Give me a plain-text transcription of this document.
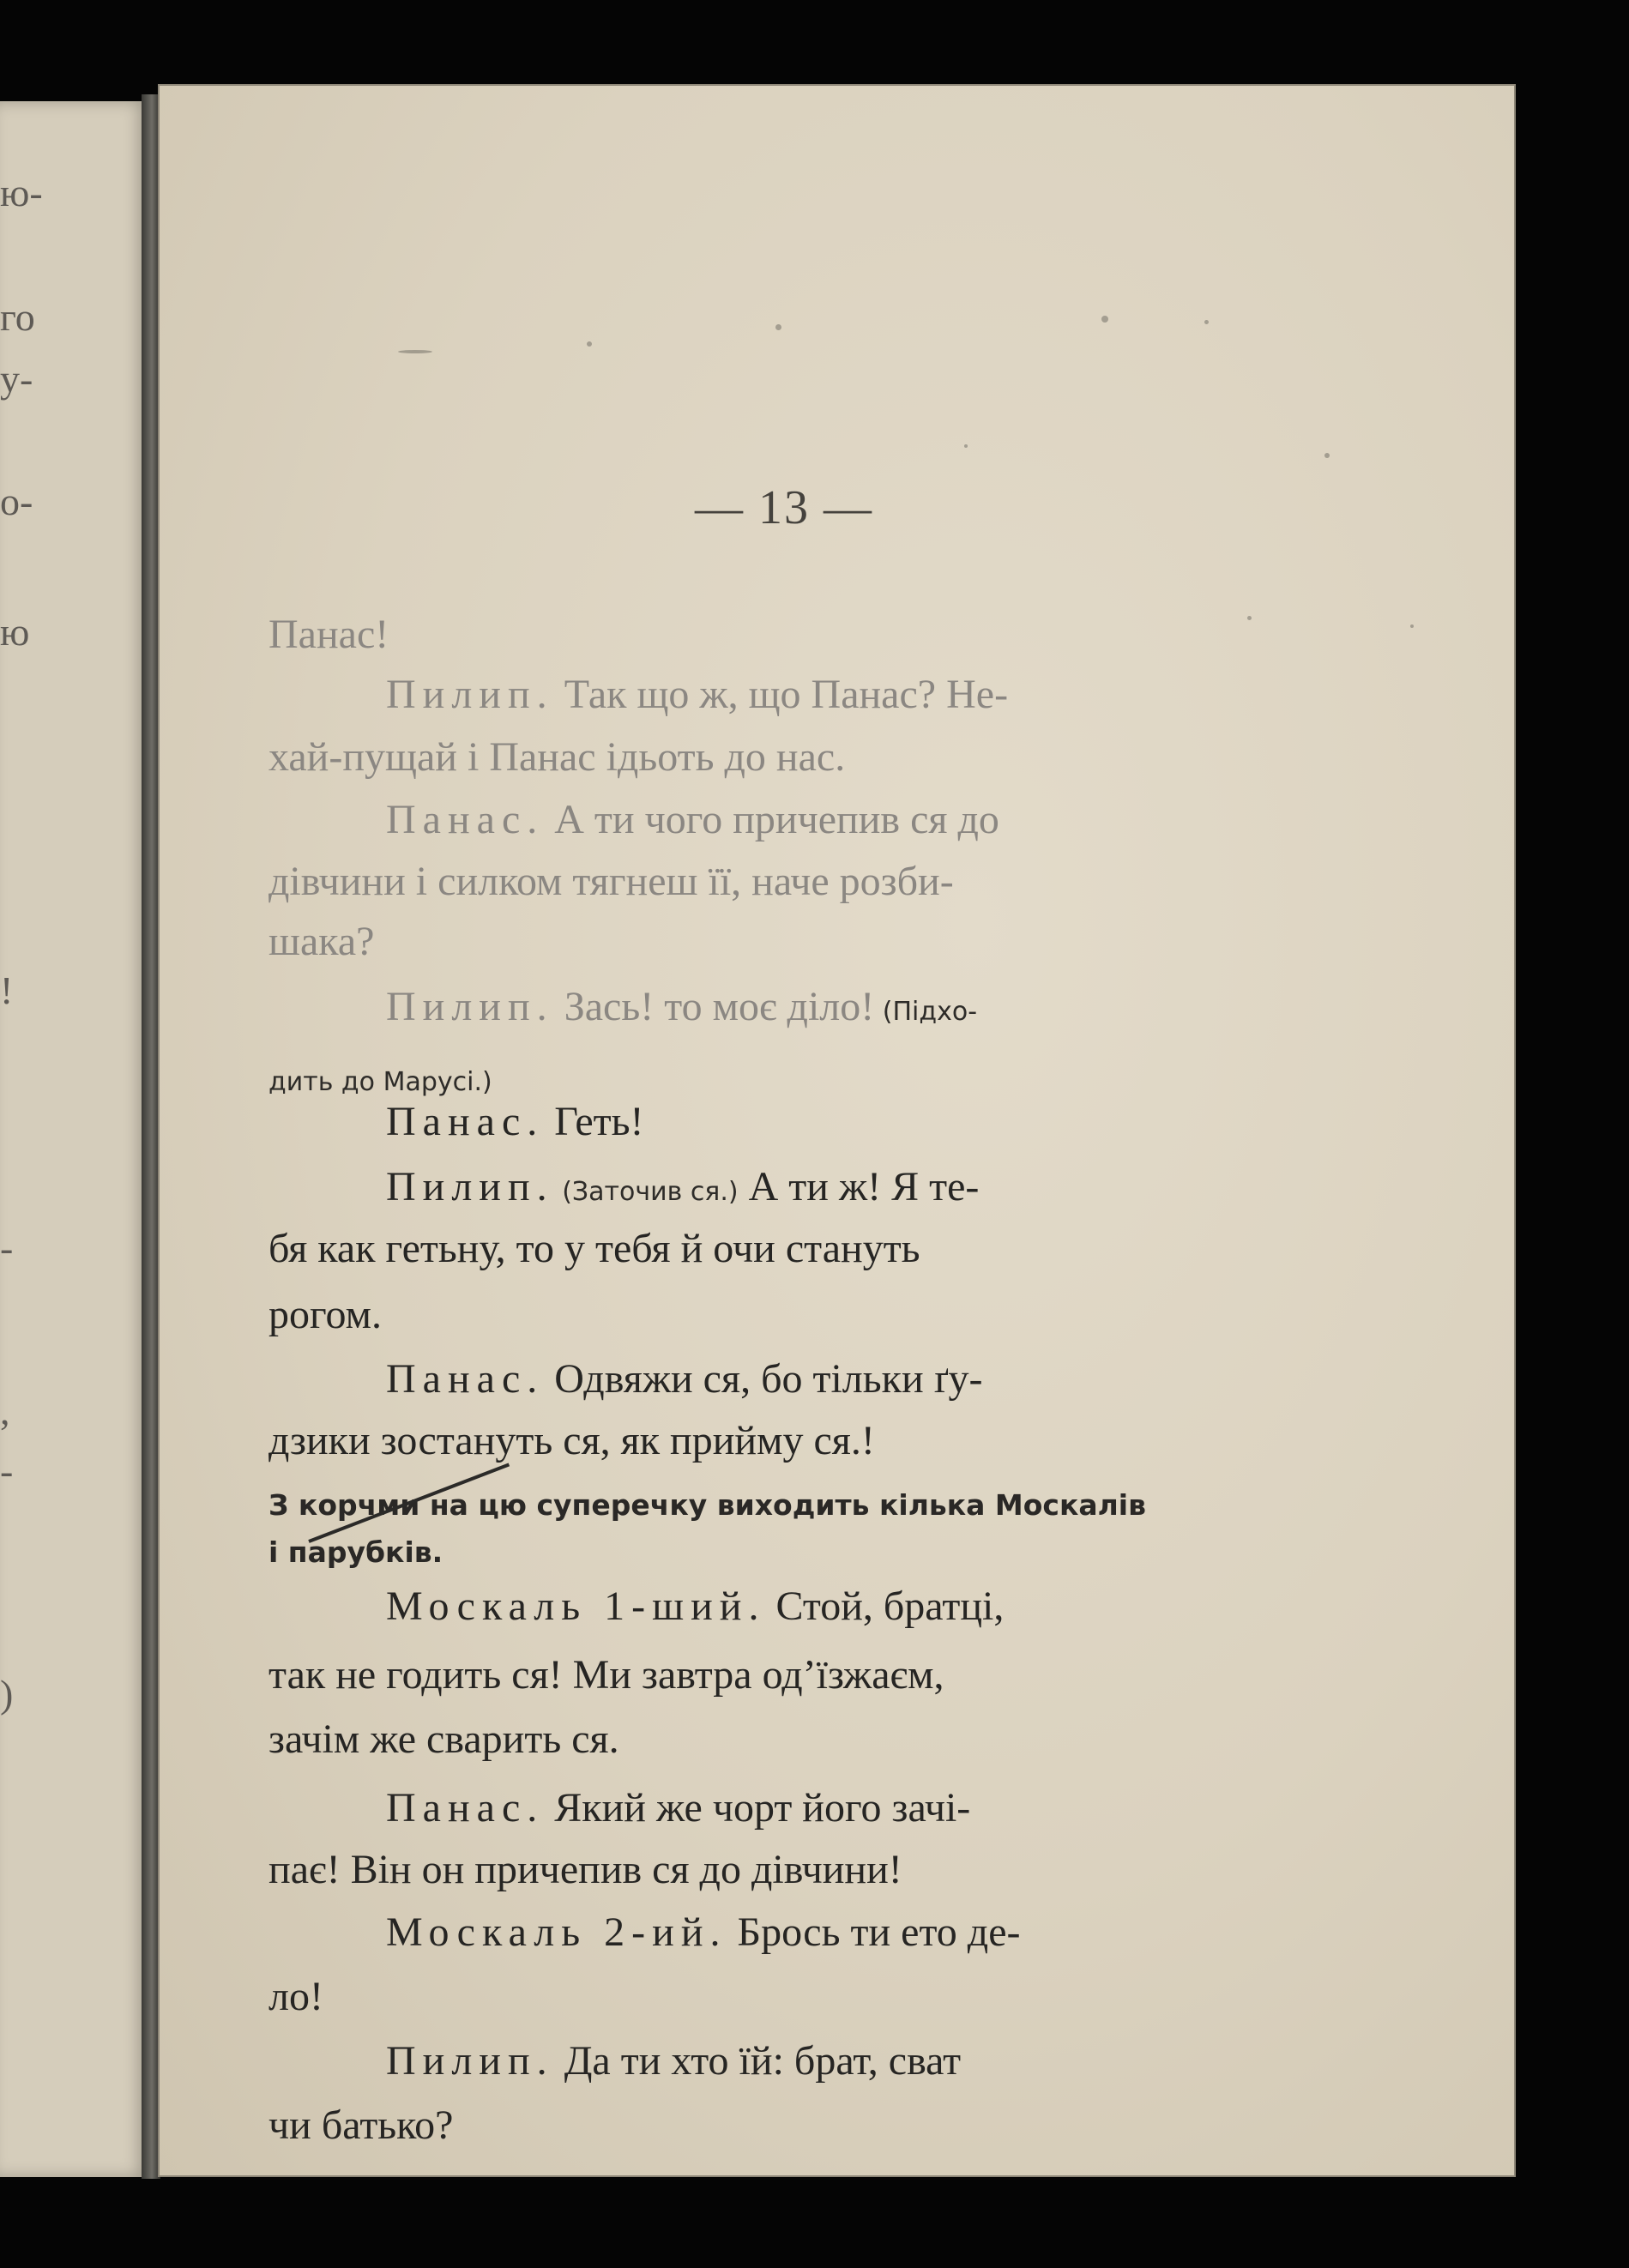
ю-
го
у-
о-
ю
!
-
,
-
)
— 13 —
Панас!
Пилип. Так що ж, що Панас? Не-
хай-пущай і Панас ідьоть до нас.
Панас. А ти чого причепив ся до
дівчини і силком тягнеш її, наче розби-
шака?
Пилип. Зась! то моє діло! (Підхо-
дить до Марусі.)
Панас. Геть!
Пилип. (Заточив ся.) А ти ж! Я те-
бя как гетьну, то у тебя й очи стануть
рогом.
Панас. Одвяжи ся, бо тільки ґу-
дзики зостануть ся, як прийму ся.!
З корчми на цю суперечку виходить кілька Москалів
і парубків.
Москаль 1-ший. Стой, братці,
так не годить ся! Ми завтра одʼїзжаєм,
зачім же сварить ся.
Панас. Який же чорт його зачі-
пає! Він он причепив ся до дівчини!
Москаль 2-ий. Брось ти ето де-
ло!
Пилип. Да ти хто їй: брат, сват
чи батько?
